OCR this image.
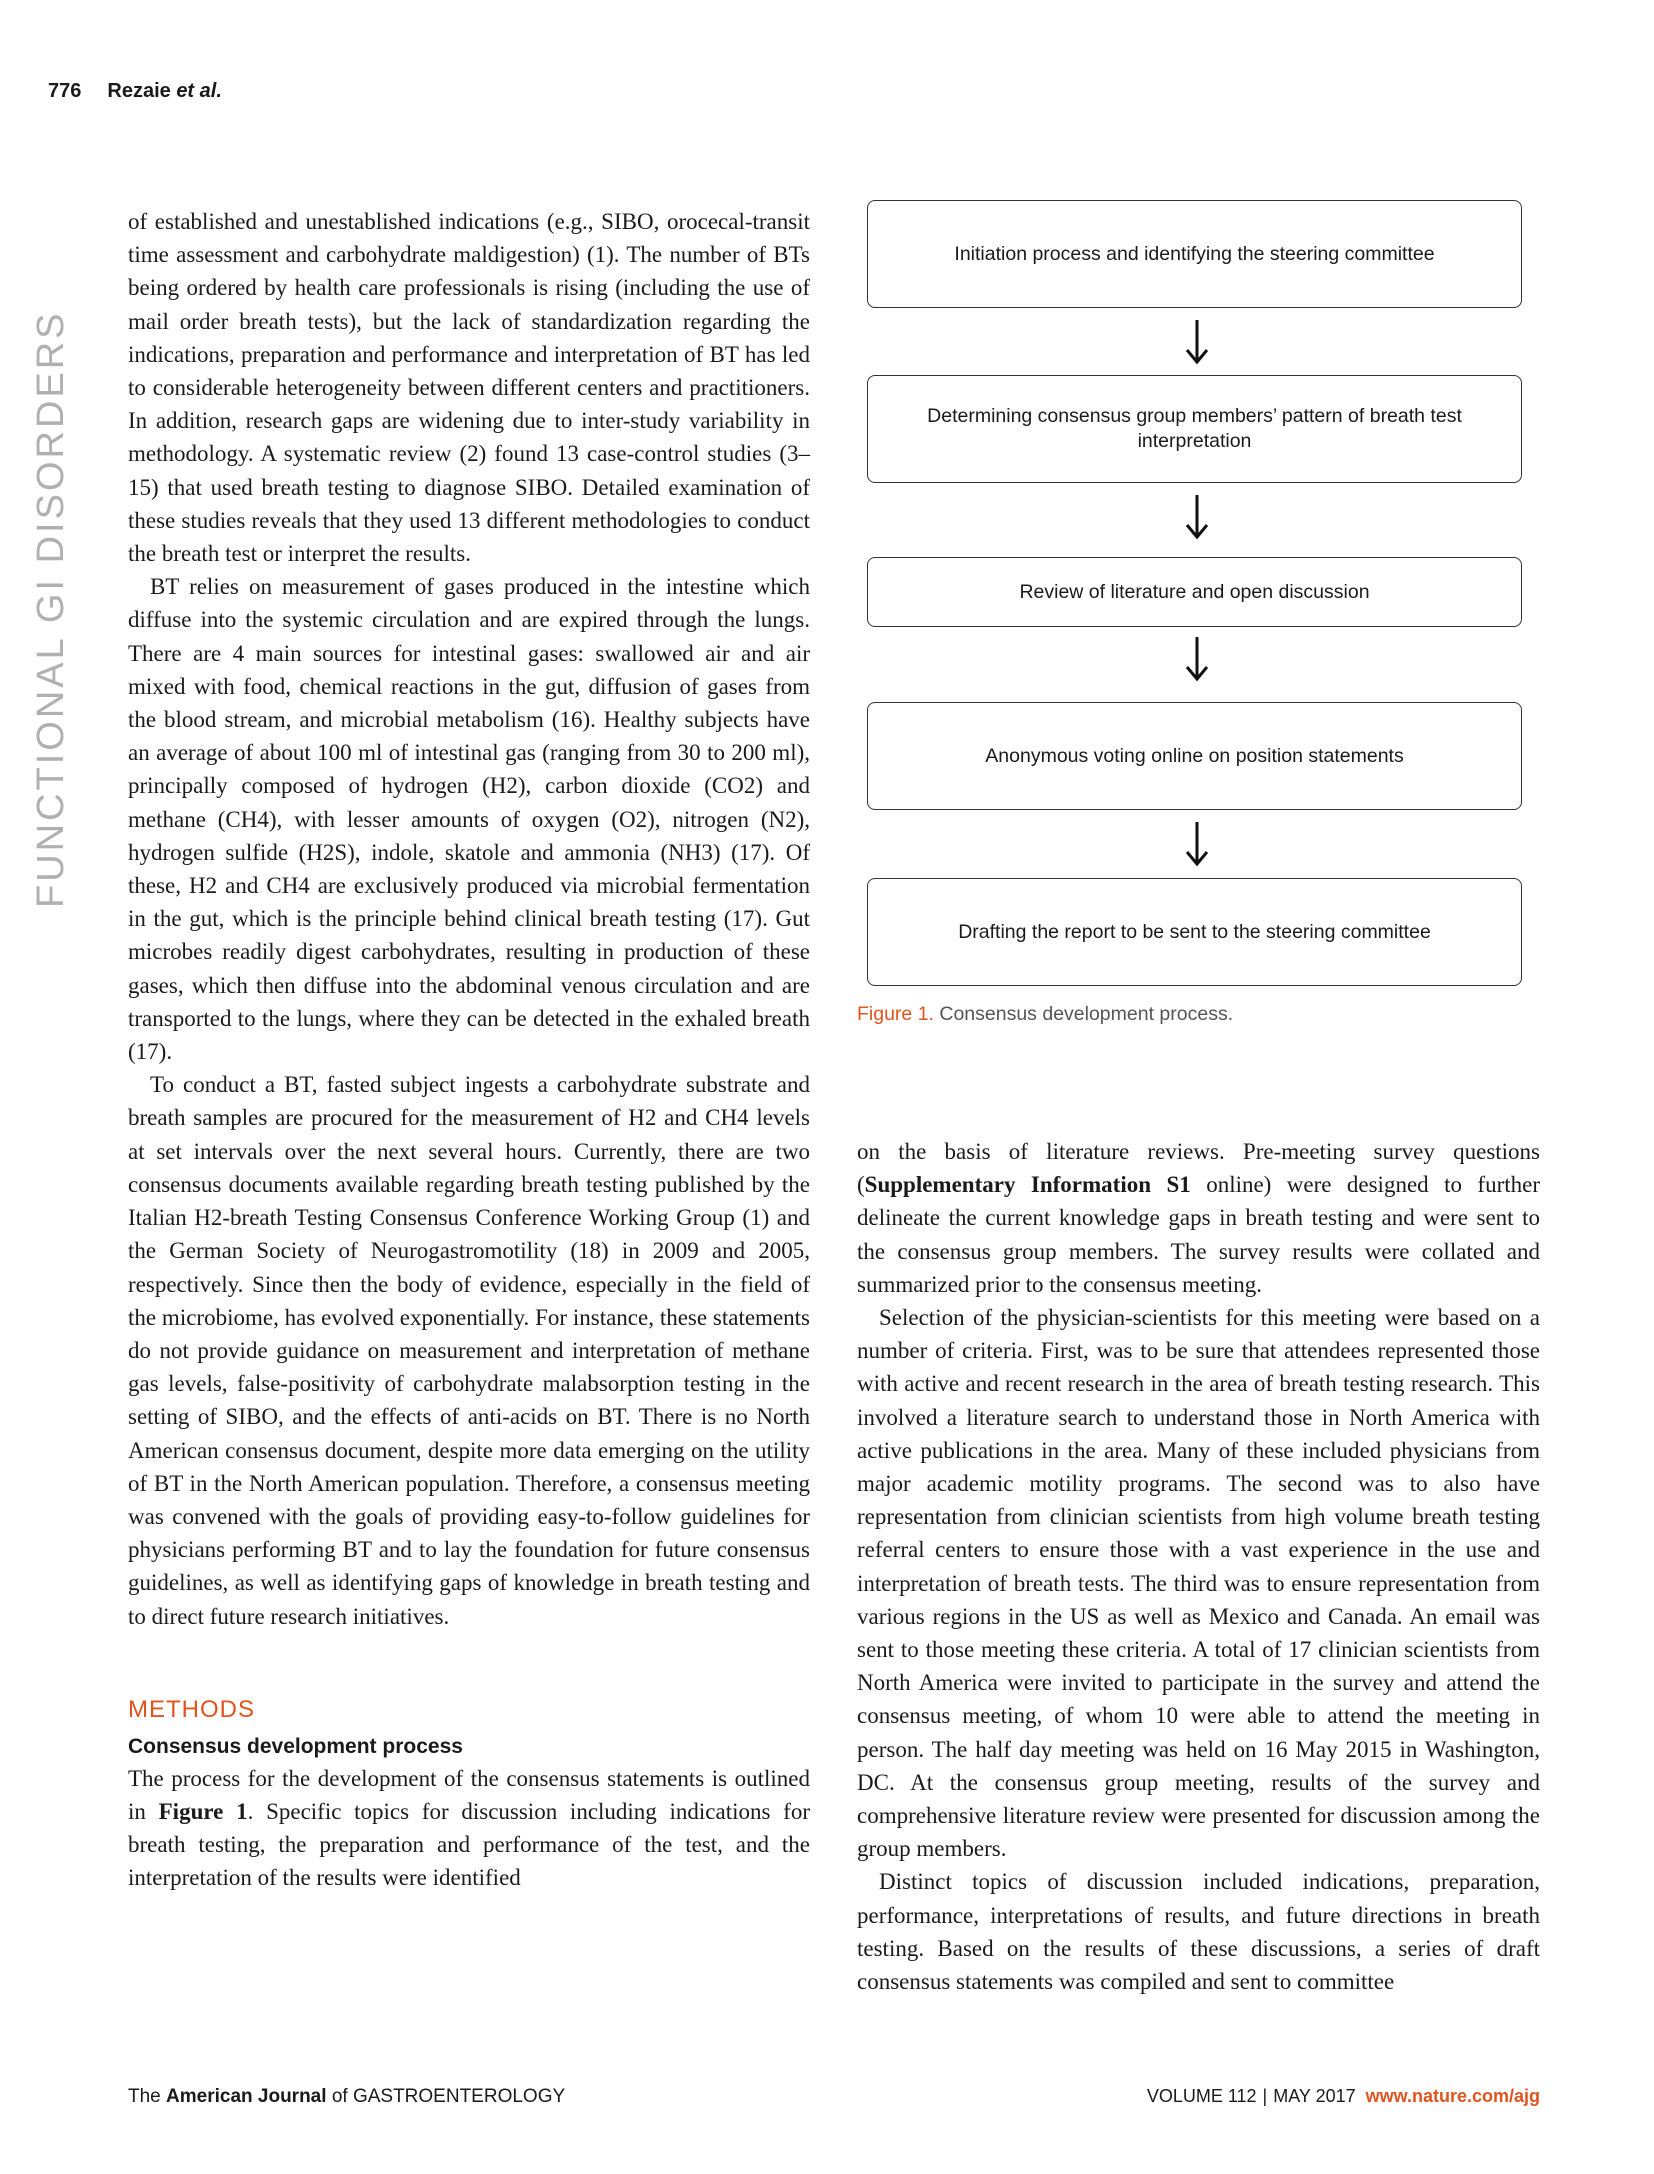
776 Rezaie et al.
FUNCTIONAL GI DISORDERS

of established and unestablished indications (e.g., SIBO, orocecal-transit time assessment and carbohydrate maldigestion) (1). The number of BTs being ordered by health care professionals is rising (including the use of mail order breath tests), but the lack of standardization regarding the indications, preparation and performance and interpretation of BT has led to considerable heterogeneity between different centers and practitioners. In addition, research gaps are widening due to inter-study variability in methodology. A systematic review (2) found 13 case-control studies (3–15) that used breath testing to diagnose SIBO. Detailed examination of these studies reveals that they used 13 different methodologies to conduct the breath test or interpret the results.

BT relies on measurement of gases produced in the intestine which diffuse into the systemic circulation and are expired through the lungs. There are 4 main sources for intestinal gases: swallowed air and air mixed with food, chemical reactions in the gut, diffusion of gases from the blood stream, and microbial metabolism (16). Healthy subjects have an average of about 100 ml of intestinal gas (ranging from 30 to 200 ml), principally composed of hydrogen (H2), carbon dioxide (CO2) and methane (CH4), with lesser amounts of oxygen (O2), nitrogen (N2), hydrogen sulfide (H2S), indole, skatole and ammonia (NH3) (17). Of these, H2 and CH4 are exclusively produced via microbial fermentation in the gut, which is the principle behind clinical breath testing (17). Gut microbes readily digest carbohydrates, resulting in production of these gases, which then diffuse into the abdominal venous circulation and are transported to the lungs, where they can be detected in the exhaled breath (17).

To conduct a BT, fasted subject ingests a carbohydrate substrate and breath samples are procured for the measurement of H2 and CH4 levels at set intervals over the next several hours. Currently, there are two consensus documents available regarding breath testing published by the Italian H2-breath Testing Consensus Conference Working Group (1) and the German Society of Neurogastromotility (18) in 2009 and 2005, respectively. Since then the body of evidence, especially in the field of the microbiome, has evolved exponentially. For instance, these statements do not provide guidance on measurement and interpretation of methane gas levels, false-positivity of carbohydrate malabsorption testing in the setting of SIBO, and the effects of anti-acids on BT. There is no North American consensus document, despite more data emerging on the utility of BT in the North American population. Therefore, a consensus meeting was convened with the goals of providing easy-to-follow guidelines for physicians performing BT and to lay the foundation for future consensus guidelines, as well as identifying gaps of knowledge in breath testing and to direct future research initiatives.

METHODS
Consensus development process

The process for the development of the consensus statements is outlined in Figure 1. Specific topics for discussion including indications for breath testing, the preparation and performance of the test, and the interpretation of the results were identified

Initiation process and identifying the steering committee
Determining consensus group members’ pattern of breath test interpretation
Review of literature and open discussion
Anonymous voting online on position statements
Drafting the report to be sent to the steering committee
Figure 1. Consensus development process.

on the basis of literature reviews. Pre-meeting survey questions (Supplementary Information S1 online) were designed to further delineate the current knowledge gaps in breath testing and were sent to the consensus group members. The survey results were collated and summarized prior to the consensus meeting.

Selection of the physician-scientists for this meeting were based on a number of criteria. First, was to be sure that attendees represented those with active and recent research in the area of breath testing research. This involved a literature search to understand those in North America with active publications in the area. Many of these included physicians from major academic motility programs. The second was to also have representation from clinician scientists from high volume breath testing referral centers to ensure those with a vast experience in the use and interpretation of breath tests. The third was to ensure representation from various regions in the US as well as Mexico and Canada. An email was sent to those meeting these criteria. A total of 17 clinician scientists from North America were invited to participate in the survey and attend the consensus meeting, of whom 10 were able to attend the meeting in person. The half day meeting was held on 16 May 2015 in Washington, DC. At the consensus group meeting, results of the survey and comprehensive literature review were presented for discussion among the group members.

Distinct topics of discussion included indications, preparation, performance, interpretations of results, and future directions in breath testing. Based on the results of these discussions, a series of draft consensus statements was compiled and sent to committee

The American Journal of GASTROENTEROLOGY	VOLUME 112 | MAY 2017 www.nature.com/ajg
